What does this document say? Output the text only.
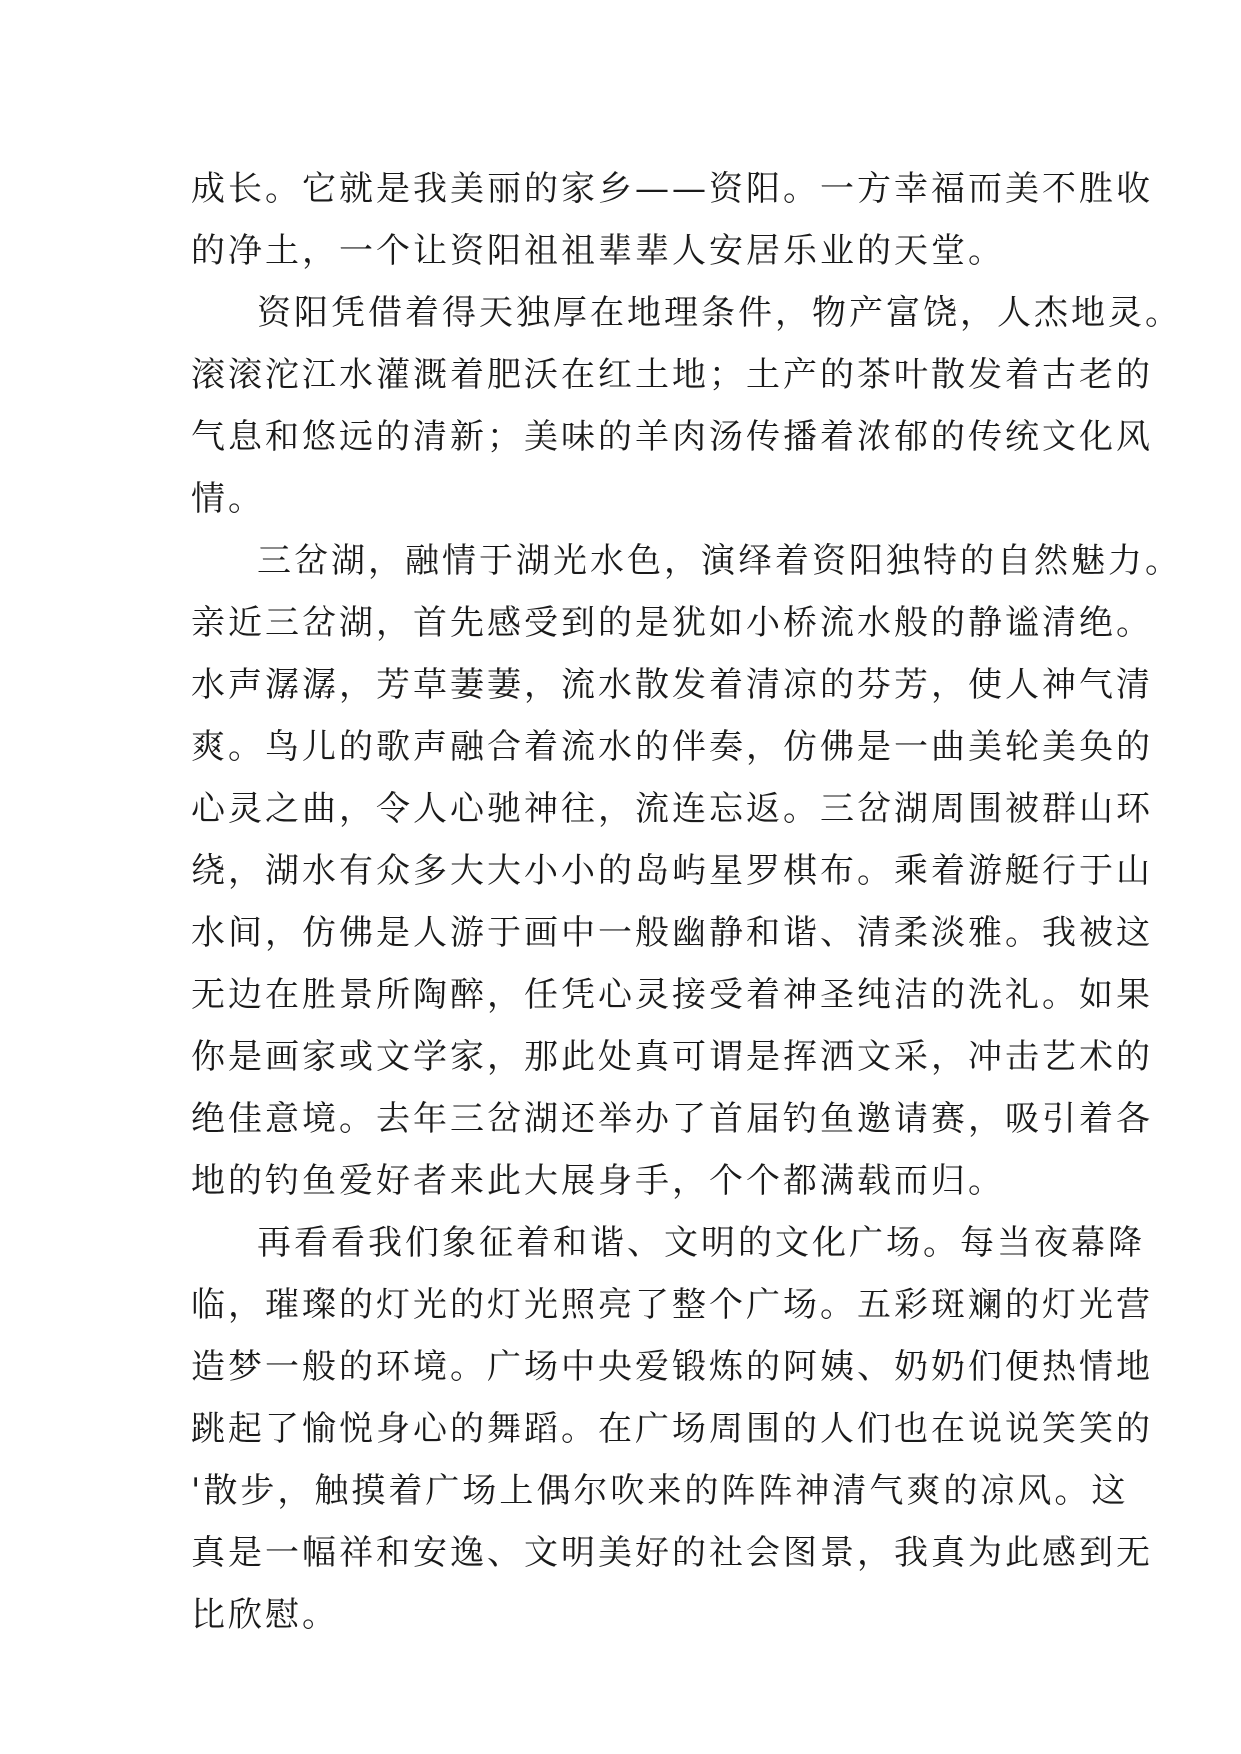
成长。它就是我美丽的家乡——资阳。一方幸福而美不胜收
的净土，一个让资阳祖祖辈辈人安居乐业的天堂。
资阳凭借着得天独厚在地理条件，物产富饶，人杰地灵。
滚滚沱江水灌溉着肥沃在红土地；土产的茶叶散发着古老的
气息和悠远的清新；美味的羊肉汤传播着浓郁的传统文化风
情。
三岔湖，融情于湖光水色，演绎着资阳独特的自然魅力。
亲近三岔湖，首先感受到的是犹如小桥流水般的静谧清绝。
水声潺潺，芳草萋萋，流水散发着清凉的芬芳，使人神气清
爽。鸟儿的歌声融合着流水的伴奏，仿佛是一曲美轮美奂的
心灵之曲，令人心驰神往，流连忘返。三岔湖周围被群山环
绕，湖水有众多大大小小的岛屿星罗棋布。乘着游艇行于山
水间，仿佛是人游于画中一般幽静和谐、清柔淡雅。我被这
无边在胜景所陶醉，任凭心灵接受着神圣纯洁的洗礼。如果
你是画家或文学家，那此处真可谓是挥洒文采，冲击艺术的
绝佳意境。去年三岔湖还举办了首届钓鱼邀请赛，吸引着各
地的钓鱼爱好者来此大展身手，个个都满载而归。
再看看我们象征着和谐、文明的文化广场。每当夜幕降
临，璀璨的灯光的灯光照亮了整个广场。五彩斑斓的灯光营
造梦一般的环境。广场中央爱锻炼的阿姨、奶奶们便热情地
跳起了愉悦身心的舞蹈。在广场周围的人们也在说说笑笑的
'散步，触摸着广场上偶尔吹来的阵阵神清气爽的凉风。这
真是一幅祥和安逸、文明美好的社会图景，我真为此感到无
比欣慰。
